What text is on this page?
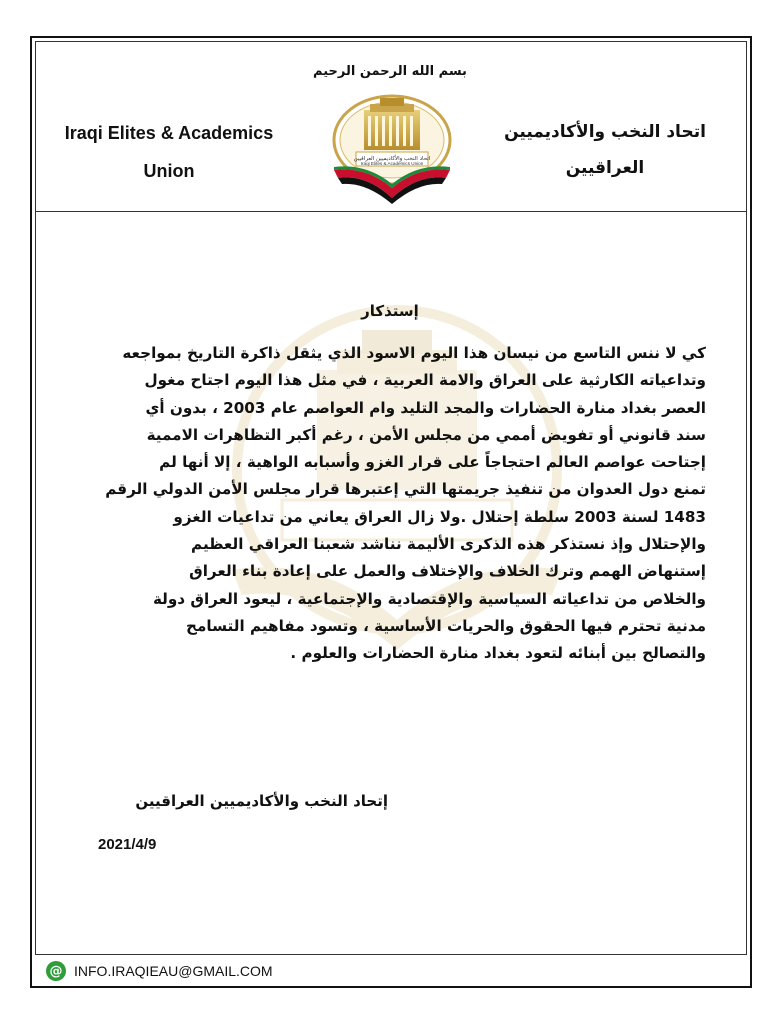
بسم الله الرحمن الرحيم
Iraqi Elites & Academics
Union
اتحاد النخب والأكاديميين
العراقيين
اتحاد النخب والأكاديميين العراقيين
Iraqi Elites & Academics Union
إستذكار
كي لا ننس التاسع من نيسان هذا اليوم الاسود الذي يثقل ذاكرة التاريخ بمواجعه
وتداعياته الكارثية على العراق والامة العربية ، في مثل هذا اليوم اجتاح مغول
العصر بغداد منارة الحضارات والمجد التليد وام العواصم عام 2003 ، بدون أي
سند قانوني أو تفويض أممي من مجلس الأمن ، رغم أكبر التظاهرات الاممية
إجتاحت عواصم العالم احتجاجاً على قرار الغزو وأسبابه الواهية ، إلا أنها لم
تمنع دول العدوان من تنفيذ جريمتها التي إعتبرها قرار مجلس الأمن الدولي الرقم
1483 لسنة 2003 سلطة إحتلال .ولا زال العراق يعاني من تداعيات الغزو
والإحتلال وإذ نستذكر هذه الذكرى الأليمة نناشد شعبنا العراقي العظيم
إستنهاض الهمم وترك الخلاف والإختلاف والعمل على إعادة بناء العراق
والخلاص من تداعياته السياسية والإقتصادية والإجتماعية ، ليعود العراق دولة
مدنية تحترم فيها الحقوق والحريات الأساسية ، وتسود مفاهيم التسامح
والتصالح بين أبنائه لتعود بغداد منارة الحضارات والعلوم .
إتحاد النخب والأكاديميين العراقيين
2021/4/9
@ INFO.IRAQIEAU@GMAIL.COM
